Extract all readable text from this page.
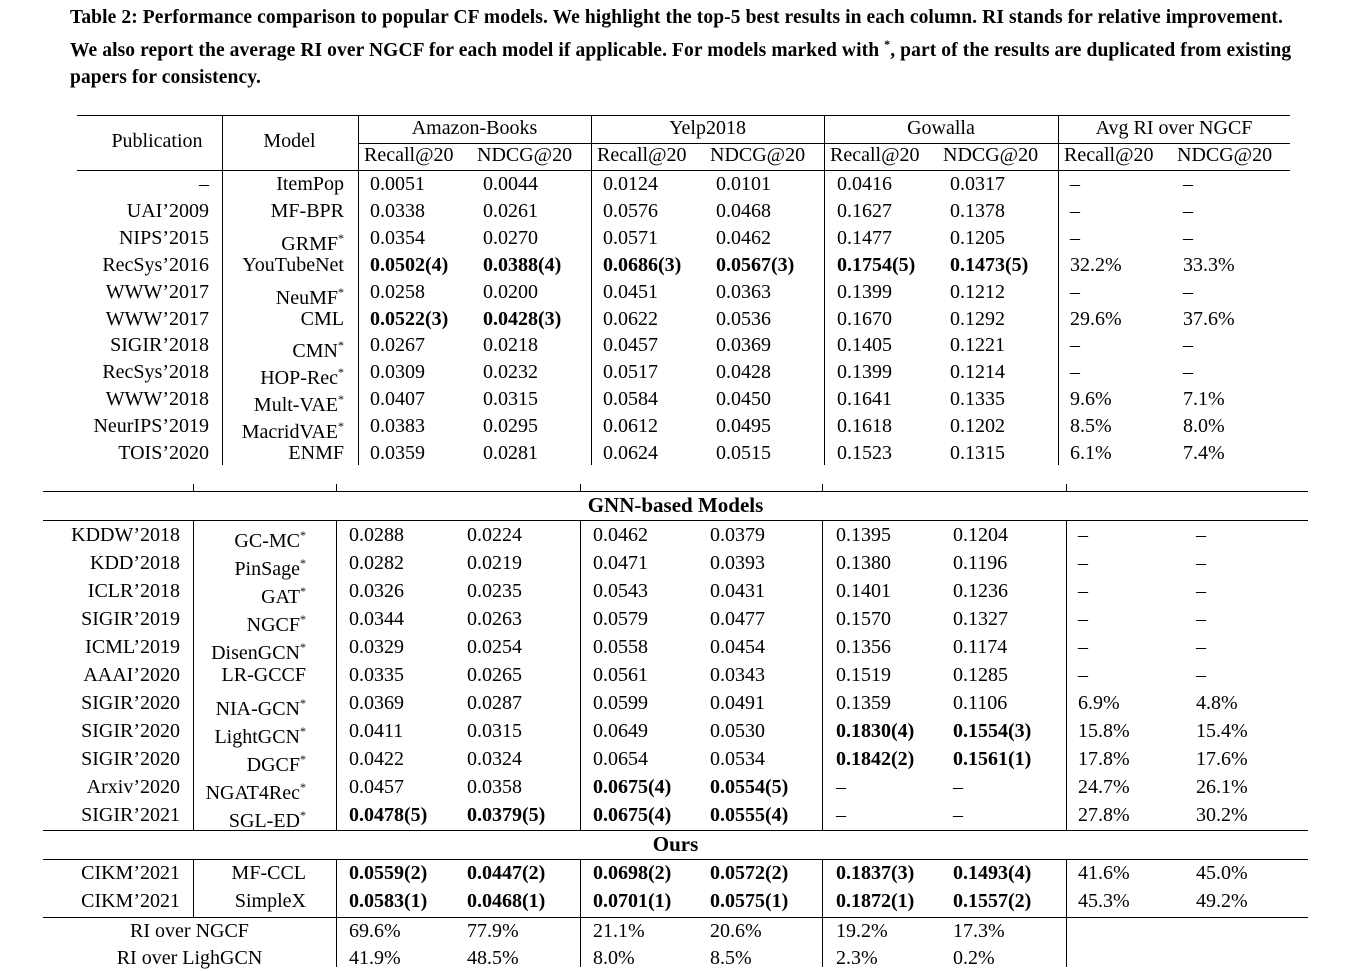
Table 2: Performance comparison to popular CF models. We highlight the top-5 best results in each column. RI stands for relative improvement. We also report the average RI over NGCF for each model if applicable. For models marked with *, part of the results are duplicated from existing papers for consistency.
Publication	Model
Amazon-Books	Yelp2018	Gowalla	Avg RI over NGCF
Recall@20	NDCG@20	Recall@20	NDCG@20	Recall@20	NDCG@20	Recall@20	NDCG@20
–	ItemPop 0.0051	0.0044	0.0124	0.0101	0.0416	0.0317	–	–
UAI’2009	MF-BPR 0.0338	0.0261	0.0576	0.0468	0.1627	0.1378	–	–
NIPS’2015	GRMF* 0.0354	0.0270	0.0571	0.0462	0.1477	0.1205	–	–
RecSys’2016	YouTubeNet 0.0502(4)	0.0388(4)	0.0686(3)	0.0567(3)	0.1754(5)	0.1473(5)	32.2%	33.3%
WWW’2017	NeuMF* 0.0258	0.0200	0.0451	0.0363	0.1399	0.1212	–	–
WWW’2017	CML 0.0522(3)	0.0428(3)	0.0622	0.0536	0.1670	0.1292	29.6%	37.6%
SIGIR’2018	CMN* 0.0267	0.0218	0.0457	0.0369	0.1405	0.1221	–	–
RecSys’2018	HOP-Rec* 0.0309	0.0232	0.0517	0.0428	0.1399	0.1214	–	–
WWW’2018	Mult-VAE* 0.0407	0.0315	0.0584	0.0450	0.1641	0.1335	9.6%	7.1%
NeurIPS’2019	MacridVAE* 0.0383	0.0295	0.0612	0.0495	0.1618	0.1202	8.5%	8.0%
TOIS’2020	ENMF 0.0359	0.0281	0.0624	0.0515	0.1523	0.1315	6.1%	7.4%
GNN-based Models
KDDW’2018	GC-MC* 0.0288	0.0224	0.0462	0.0379	0.1395	0.1204	–	–
KDD’2018	PinSage* 0.0282	0.0219	0.0471	0.0393	0.1380	0.1196	–	–
ICLR’2018	GAT* 0.0326	0.0235	0.0543	0.0431	0.1401	0.1236	–	–
SIGIR’2019	NGCF* 0.0344	0.0263	0.0579	0.0477	0.1570	0.1327	–	–
ICML’2019	DisenGCN* 0.0329	0.0254	0.0558	0.0454	0.1356	0.1174	–	–
AAAI’2020	LR-GCCF 0.0335	0.0265	0.0561	0.0343	0.1519	0.1285	–	–
SIGIR’2020	NIA-GCN* 0.0369	0.0287	0.0599	0.0491	0.1359	0.1106	6.9%	4.8%
SIGIR’2020	LightGCN* 0.0411	0.0315	0.0649	0.0530	0.1830(4)	0.1554(3)	15.8%	15.4%
SIGIR’2020	DGCF* 0.0422	0.0324	0.0654	0.0534	0.1842(2)	0.1561(1)	17.8%	17.6%
Arxiv’2020	NGAT4Rec* 0.0457	0.0358	0.0675(4)	0.0554(5)	–	–	24.7%	26.1%
SIGIR’2021	SGL-ED* 0.0478(5)	0.0379(5)	0.0675(4)	0.0555(4)	–	–	27.8%	30.2%
Ours
CIKM’2021	MF-CCL 0.0559(2)	0.0447(2)	0.0698(2)	0.0572(2)	0.1837(3)	0.1493(4)	41.6%	45.0%
CIKM’2021	SimpleX 0.0583(1)	0.0468(1)	0.0701(1)	0.0575(1)	0.1872(1)	0.1557(2)	45.3%	49.2%
RI over NGCF	69.6%	77.9%	21.1%	20.6%	19.2%	17.3%
RI over LighGCN	41.9%	48.5%	8.0%	8.5%	2.3%	0.2%
